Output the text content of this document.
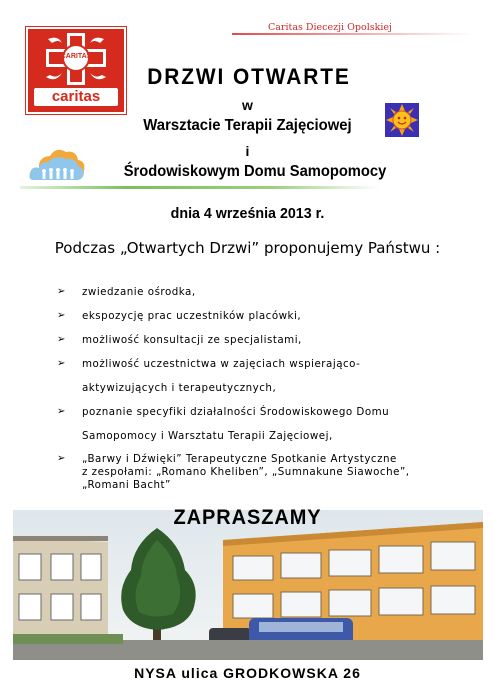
Caritas Diecezji Opolskiej
CARITAS
caritas
DRZWI OTWARTE
w
Warsztacie Terapii Zajęciowej
i
Środowiskowym Domu Samopomocy
dnia 4 września 2013 r.
Podczas „Otwartych Drzwi” proponujemy Państwu :
➢ zwiedzanie ośrodka,
➢ ekspozycję prac uczestników placówki,
➢ możliwość konsultacji ze specjalistami,
➢ możliwość uczestnictwa w zajęciach wspierająco-
aktywizujących i terapeutycznych,
➢ poznanie specyfiki działalności Środowiskowego Domu
Samopomocy i Warsztatu Terapii Zajęciowej,
➢ „Barwy i Dźwięki” Terapeutyczne Spotkanie Artystyczne
z zespołami: „Romano Kheliben”, „Sumnakune Siawoche”,
„Romani Bacht”
ZAPRASZAMY
NYSA ulica GRODKOWSKA 26
